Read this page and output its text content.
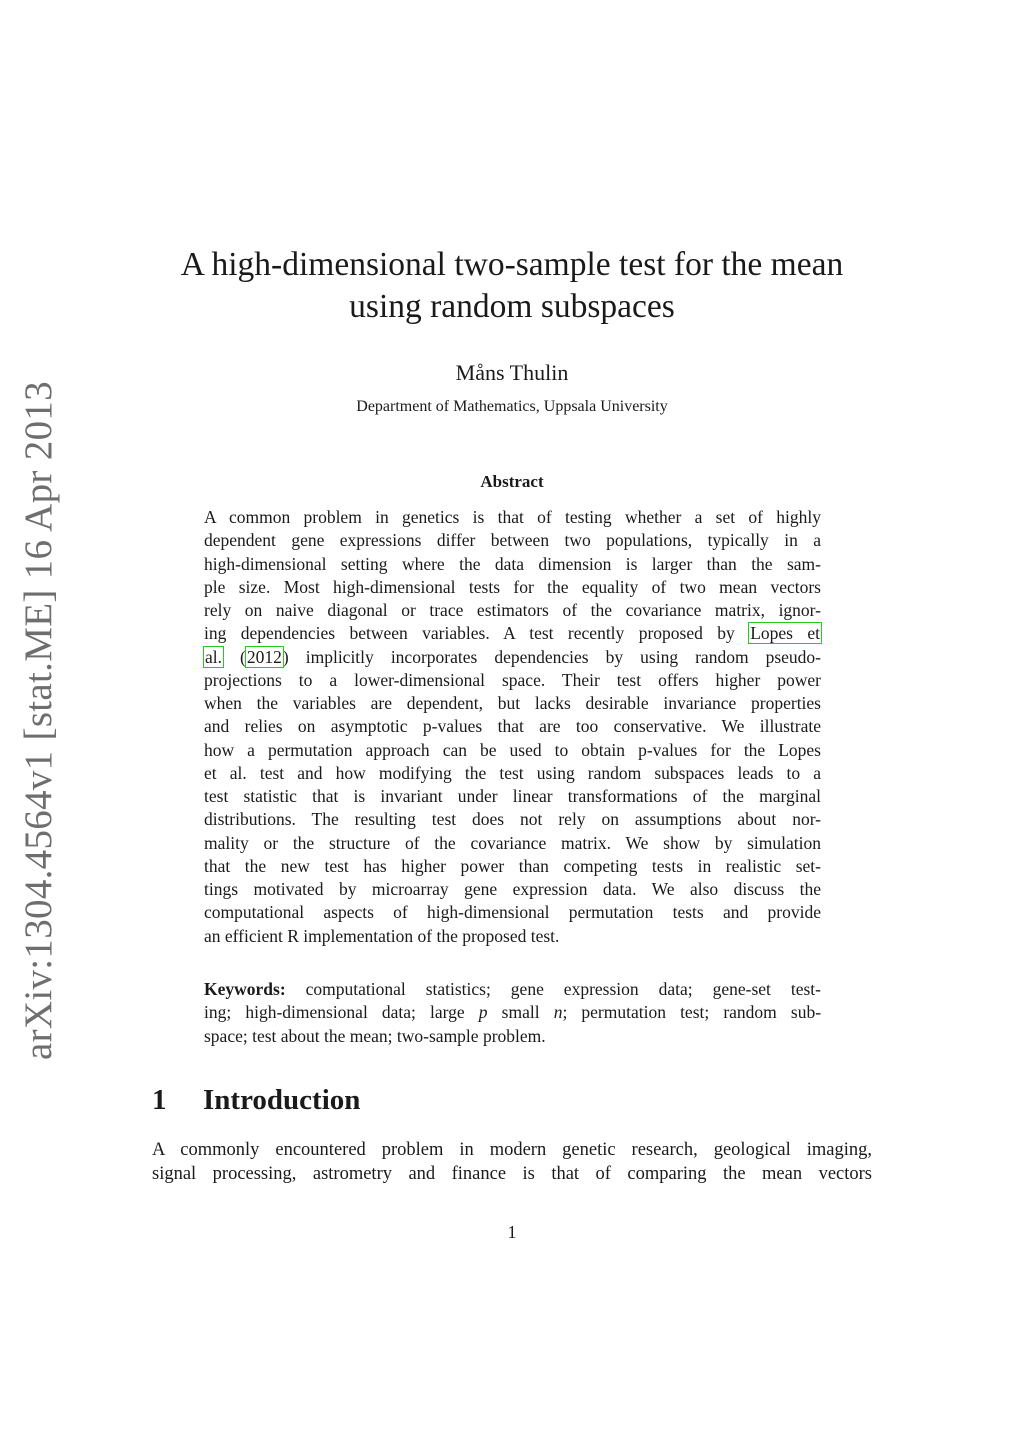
arXiv:1304.4564v1 [stat.ME] 16 Apr 2013
A high-dimensional two-sample test for the mean
using random subspaces
Måns Thulin
Department of Mathematics, Uppsala University
Abstract
A common problem in genetics is that of testing whether a set of highly
dependent gene expressions differ between two populations, typically in a
high-dimensional setting where the data dimension is larger than the sam-
ple size. Most high-dimensional tests for the equality of two mean vectors
rely on naive diagonal or trace estimators of the covariance matrix, ignor-
ing dependencies between variables. A test recently proposed by Lopes et
al. (2012) implicitly incorporates dependencies by using random pseudo-
projections to a lower-dimensional space. Their test offers higher power
when the variables are dependent, but lacks desirable invariance properties
and relies on asymptotic p-values that are too conservative. We illustrate
how a permutation approach can be used to obtain p-values for the Lopes
et al. test and how modifying the test using random subspaces leads to a
test statistic that is invariant under linear transformations of the marginal
distributions. The resulting test does not rely on assumptions about nor-
mality or the structure of the covariance matrix. We show by simulation
that the new test has higher power than competing tests in realistic set-
tings motivated by microarray gene expression data. We also discuss the
computational aspects of high-dimensional permutation tests and provide
an efficient R implementation of the proposed test.
Keywords: computational statistics; gene expression data; gene-set test-
ing; high-dimensional data; large p small n; permutation test; random sub-
space; test about the mean; two-sample problem.
1 Introduction
A commonly encountered problem in modern genetic research, geological imaging,
signal processing, astrometry and finance is that of comparing the mean vectors
1
